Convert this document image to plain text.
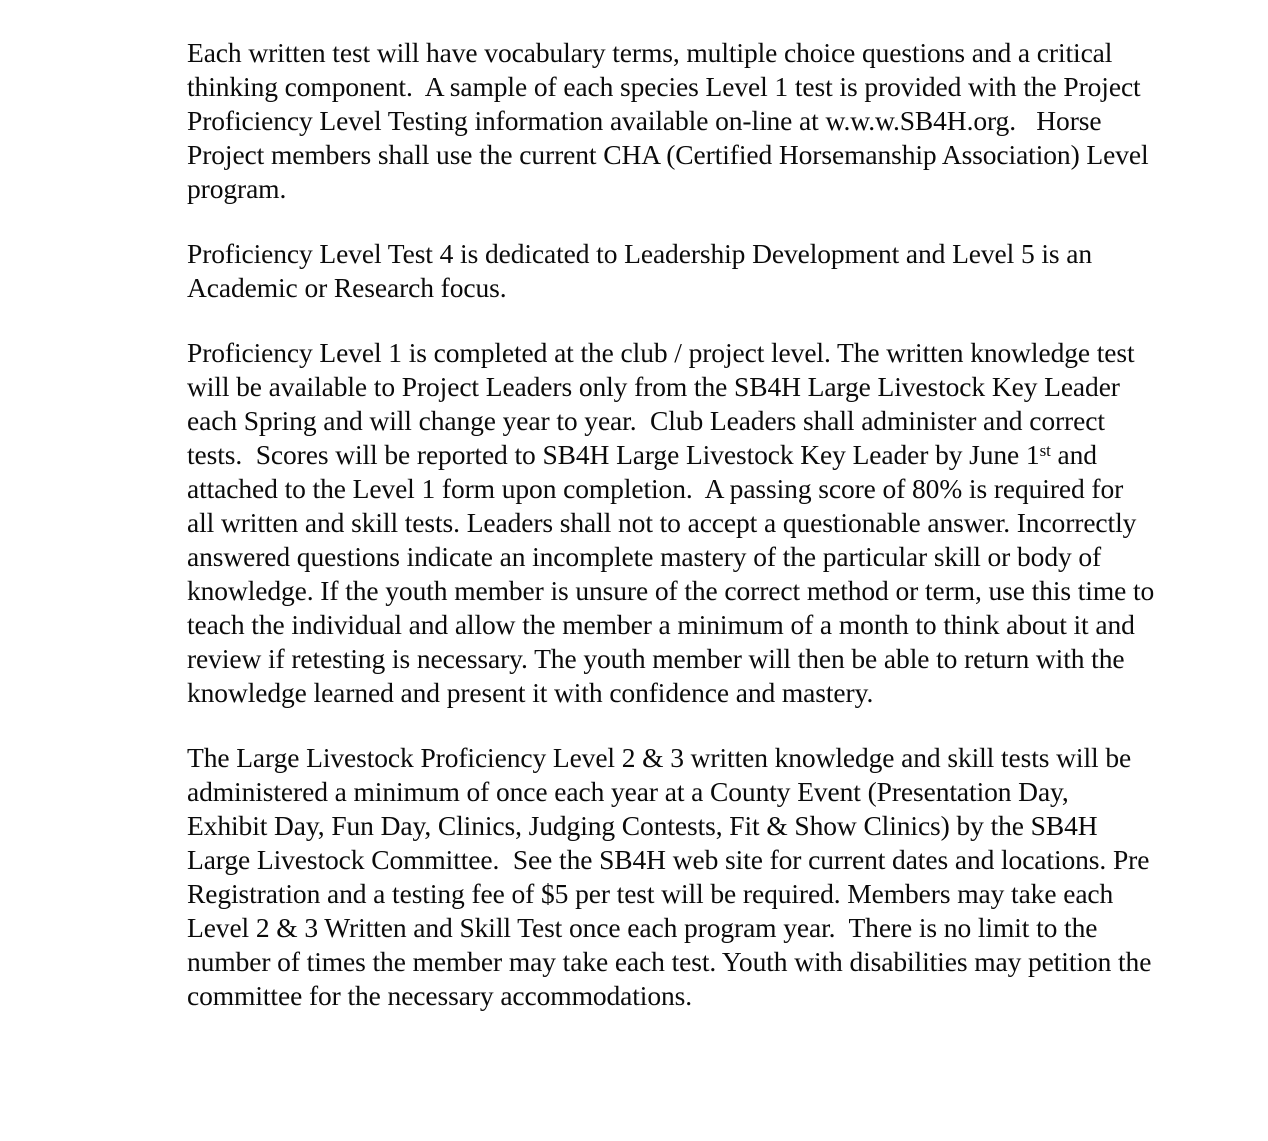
Each written test will have vocabulary terms, multiple choice questions and a critical thinking component.  A sample of each species Level 1 test is provided with the Project Proficiency Level Testing information available on-line at w.w.w.SB4H.org.   Horse Project members shall use the current CHA (Certified Horsemanship Association) Level program.

Proficiency Level Test 4 is dedicated to Leadership Development and Level 5 is an Academic or Research focus.

Proficiency Level 1 is completed at the club / project level. The written knowledge test will be available to Project Leaders only from the SB4H Large Livestock Key Leader each Spring and will change year to year.  Club Leaders shall administer and correct tests.  Scores will be reported to SB4H Large Livestock Key Leader by June 1st and attached to the Level 1 form upon completion.  A passing score of 80% is required for all written and skill tests. Leaders shall not to accept a questionable answer. Incorrectly answered questions indicate an incomplete mastery of the particular skill or body of knowledge. If the youth member is unsure of the correct method or term, use this time to teach the individual and allow the member a minimum of a month to think about it and review if retesting is necessary. The youth member will then be able to return with the knowledge learned and present it with confidence and mastery.

The Large Livestock Proficiency Level 2 & 3 written knowledge and skill tests will be administered a minimum of once each year at a County Event (Presentation Day, Exhibit Day, Fun Day, Clinics, Judging Contests, Fit & Show Clinics) by the SB4H Large Livestock Committee.  See the SB4H web site for current dates and locations. Pre Registration and a testing fee of $5 per test will be required. Members may take each Level 2 & 3 Written and Skill Test once each program year.  There is no limit to the number of times the member may take each test. Youth with disabilities may petition the committee for the necessary accommodations.
